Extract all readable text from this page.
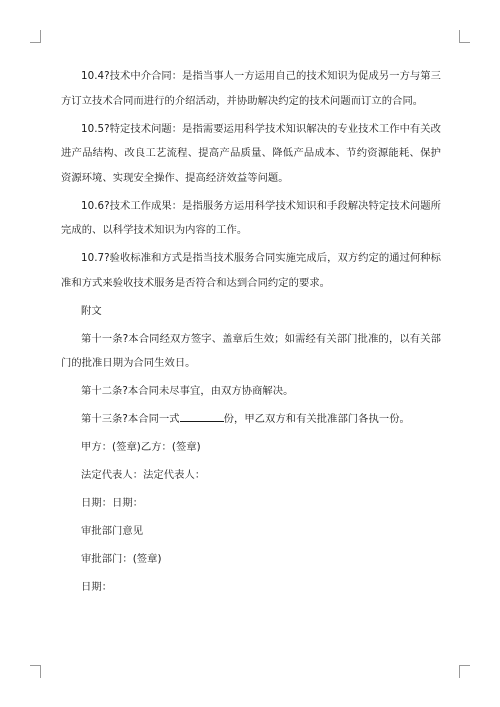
10.4?技术中介合同：是指当事人一方运用自己的技术知识为促成另一方与第三方订立技术合同而进行的介绍活动，并协助解决约定的技术问题而订立的合同。

10.5?特定技术问题：是指需要运用科学技术知识解决的专业技术工作中有关改进产品结构、改良工艺流程、提高产品质量、降低产品成本、节约资源能耗、保护资源环境、实现安全操作、提高经济效益等问题。

10.6?技术工作成果：是指服务方运用科学技术知识和手段解决特定技术问题所完成的、以科学技术知识为内容的工作。

10.7?验收标准和方式是指当技术服务合同实施完成后，双方约定的通过何种标准和方式来验收技术服务是否符合和达到合同约定的要求。

附文

第十一条?本合同经双方签字、盖章后生效；如需经有关部门批准的，以有关部门的批准日期为合同生效日。

第十二条?本合同未尽事宜，由双方协商解决。

第十三条?本合同一式	份，甲乙双方和有关批准部门各执一份。

甲方：(签章)乙方：(签章)

法定代表人：法定代表人：

日期：日期：

审批部门意见

审批部门：(签章)

日期：
